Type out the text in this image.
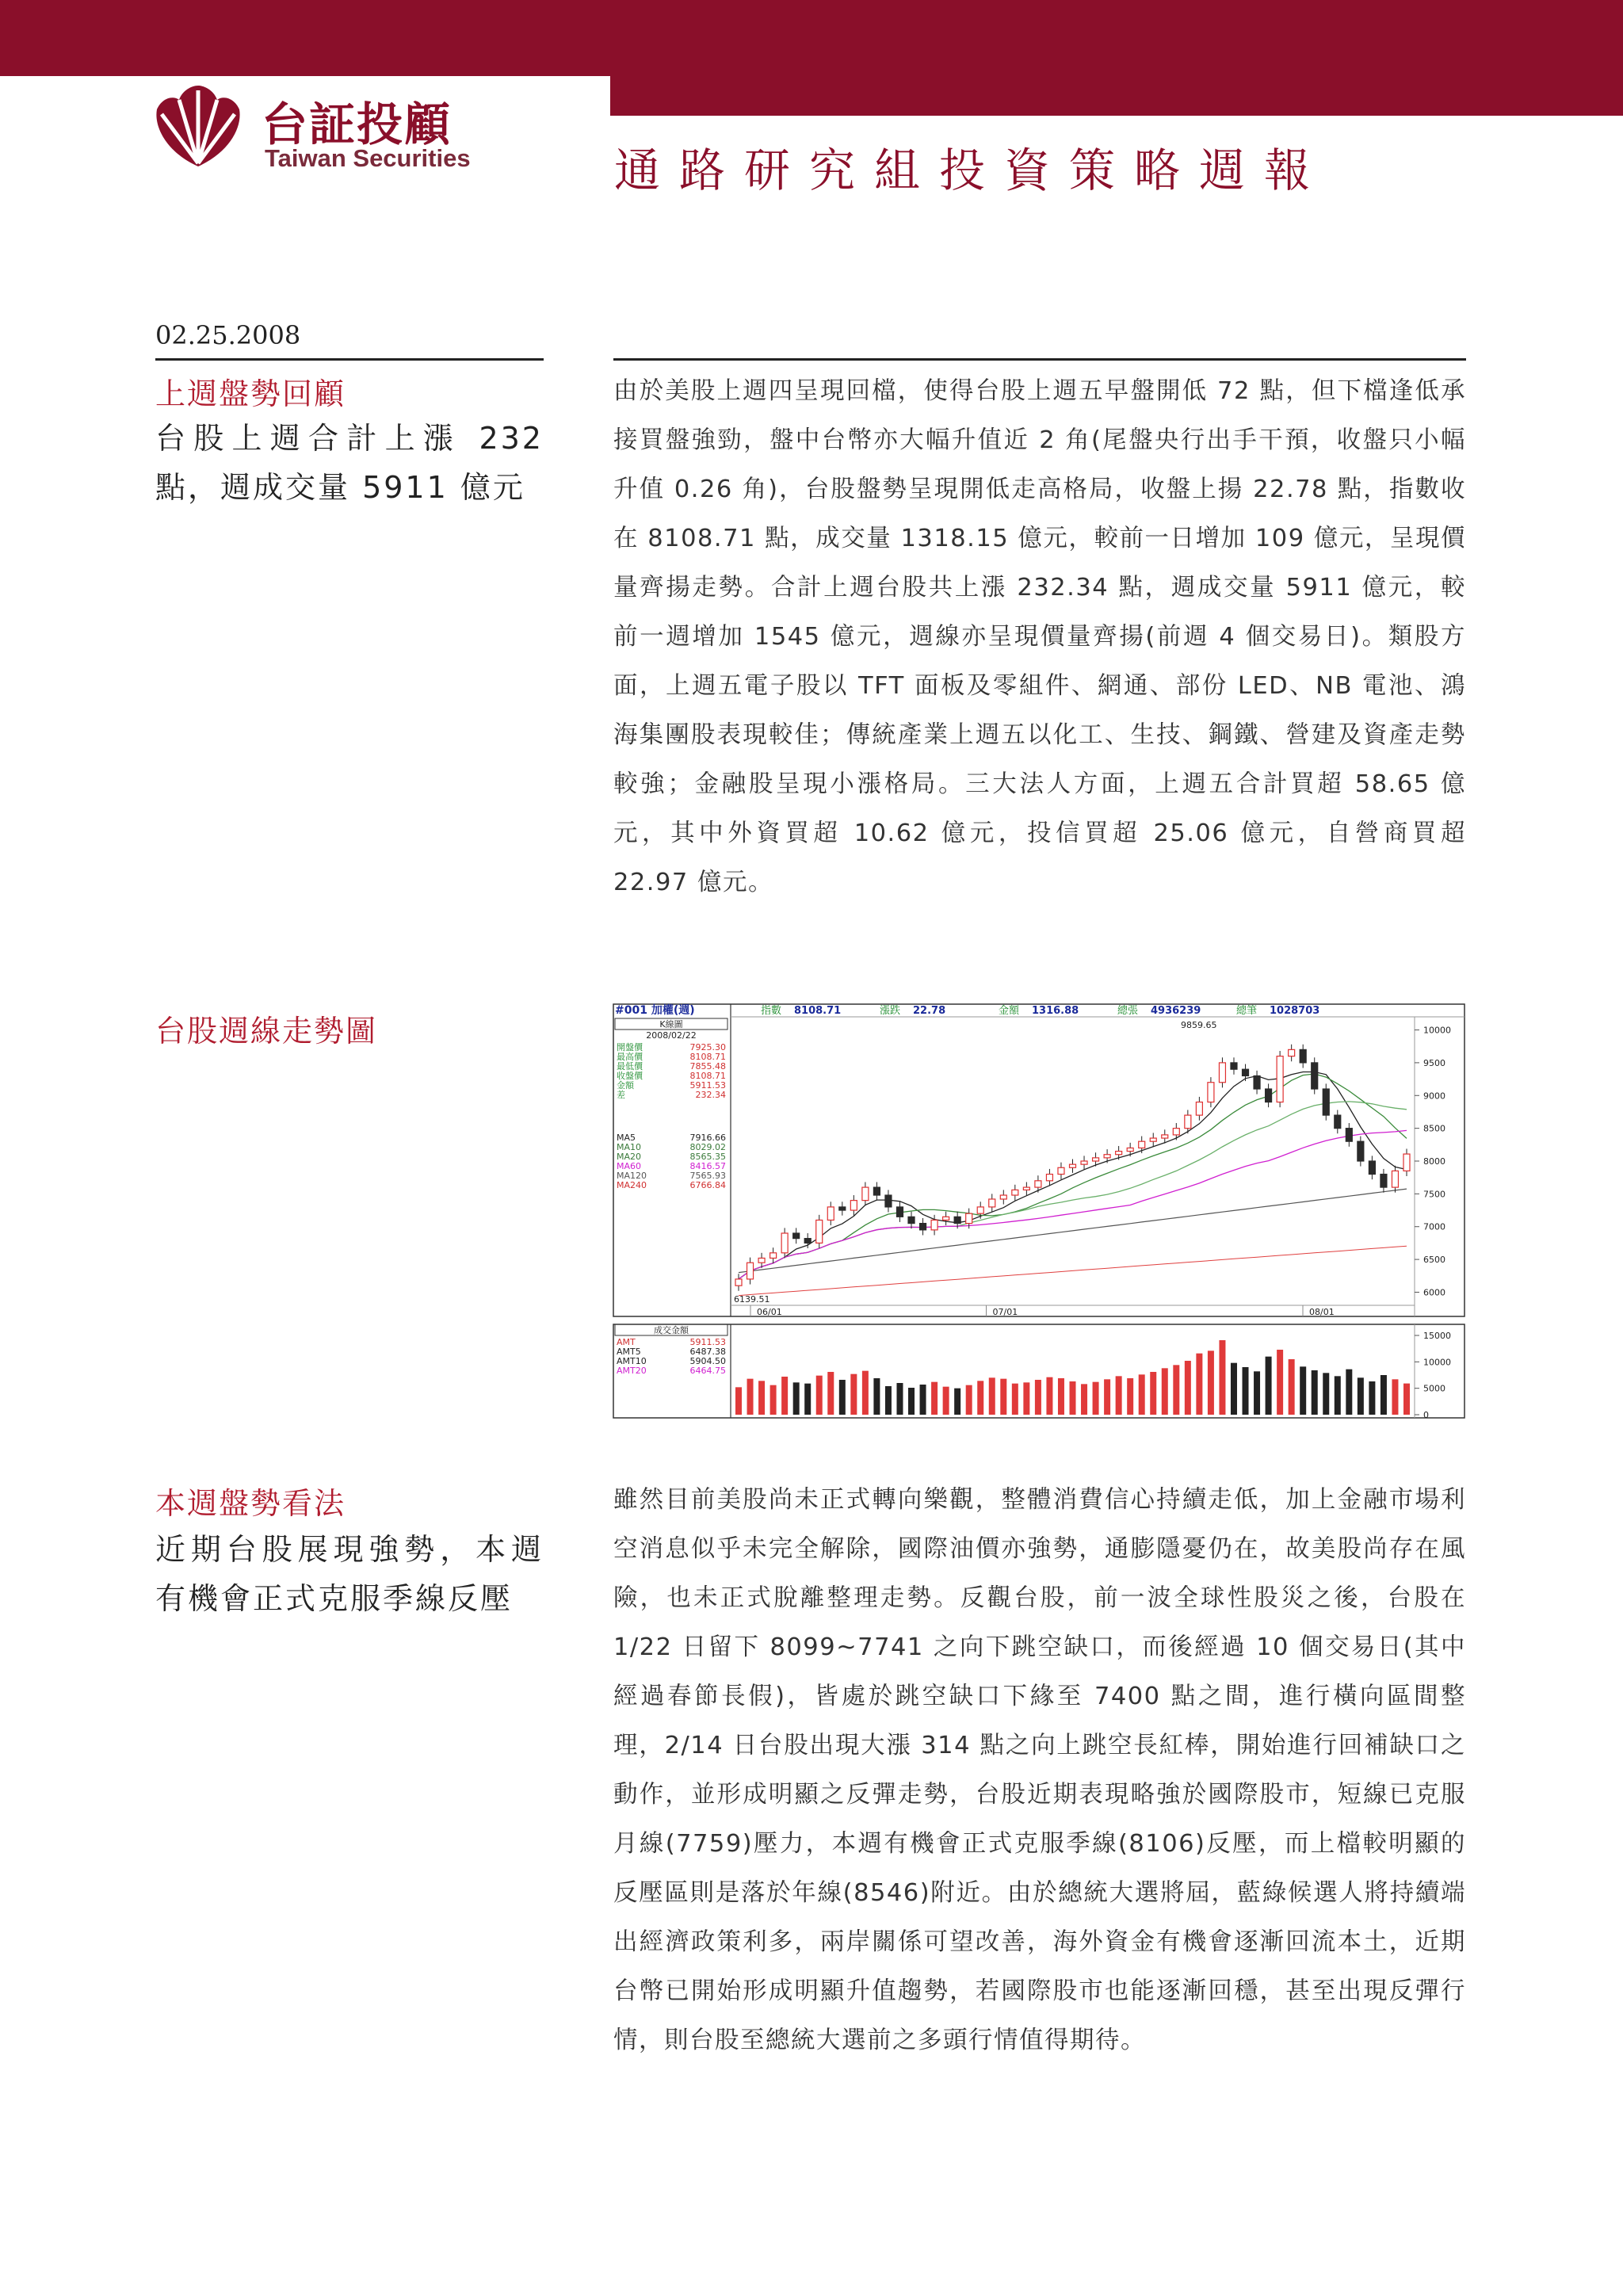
台証投顧
Taiwan Securities	通路研究組投資策略週報
02.25.2008
上週盤勢回顧
台股上週合計上漲 232 點，週成交量 5911 億元
由於美股上週四呈現回檔，使得台股上週五早盤開低 72 點，但下檔逢低承接買盤強勁，盤中台幣亦大幅升值近 2 角(尾盤央行出手干預，收盤只小幅升值 0.26 角)，台股盤勢呈現開低走高格局，收盤上揚 22.78 點，指數收在 8108.71 點，成交量 1318.15 億元，較前一日增加 109 億元，呈現價量齊揚走勢。合計上週台股共上漲 232.34 點，週成交量 5911 億元，較前一週增加 1545 億元，週線亦呈現價量齊揚(前週 4 個交易日)。類股方面，上週五電子股以 TFT 面板及零組件、網通、部份 LED、NB 電池、鴻海集團股表現較佳；傳統產業上週五以化工、生技、鋼鐵、營建及資產走勢較強；金融股呈現小漲格局。三大法人方面，上週五合計買超 58.65 億元，其中外資買超 10.62 億元，投信買超 25.06 億元，自營商買超 22.97 億元。
台股週線走勢圖
#001 加權(週)	指數 8108.71	漲跌 22.78	金額 1316.88	總張 4936239	總筆 1028703
K線圖
2008/02/22
開盤價	7925.30
最高價	8108.71
最低價	7855.48
收盤價	8108.71
金額	5911.53
差	232.34
MA5	7916.66
MA10	8029.02
MA20	8565.35
MA60	8416.57
MA120	7565.93
MA240	6766.84
10000
9500
9000
8500
8000
7500
7000
6500
6000
06/01	07/01	08/01
9859.65
6139.51
成交金額
AMT	5911.53
AMT5	6487.38
AMT10	5904.50
AMT20	6464.75
15000
10000
5000
0
本週盤勢看法
近期台股展現強勢，本週有機會正式克服季線反壓
雖然目前美股尚未正式轉向樂觀，整體消費信心持續走低，加上金融市場利空消息似乎未完全解除，國際油價亦強勢，通膨隱憂仍在，故美股尚存在風險，也未正式脫離整理走勢。反觀台股，前一波全球性股災之後，台股在 1/22 日留下 8099~7741 之向下跳空缺口，而後經過 10 個交易日(其中經過春節長假)，皆處於跳空缺口下緣至 7400 點之間，進行橫向區間整理，2/14 日台股出現大漲 314 點之向上跳空長紅棒，開始進行回補缺口之動作，並形成明顯之反彈走勢，台股近期表現略強於國際股市，短線已克服月線(7759)壓力，本週有機會正式克服季線(8106)反壓，而上檔較明顯的反壓區則是落於年線(8546)附近。由於總統大選將屆，藍綠候選人將持續端出經濟政策利多，兩岸關係可望改善，海外資金有機會逐漸回流本土，近期台幣已開始形成明顯升值趨勢，若國際股市也能逐漸回穩，甚至出現反彈行情，則台股至總統大選前之多頭行情值得期待。
